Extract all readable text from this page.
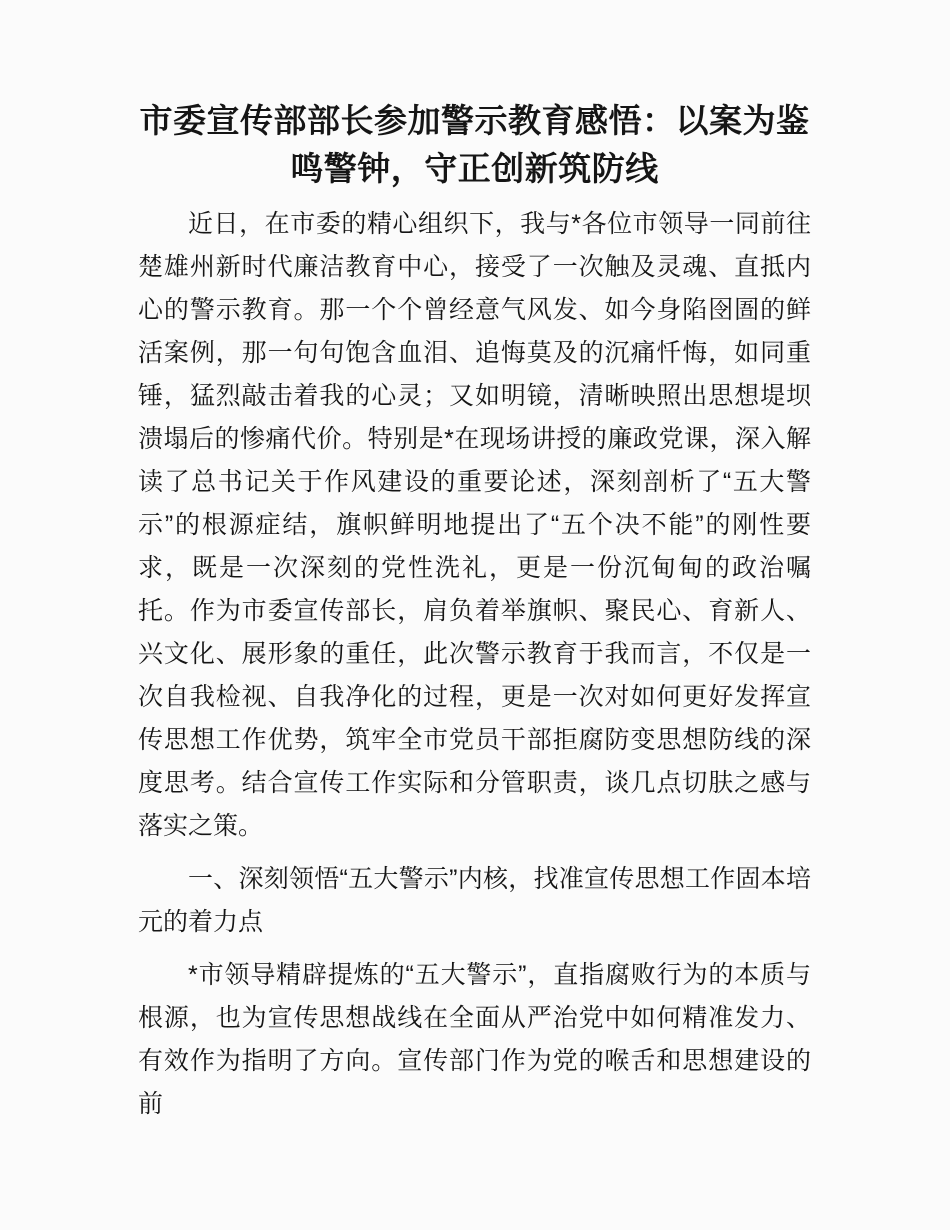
市委宣传部部长参加警示教育感悟：以案为鉴鸣警钟，守正创新筑防线

近日，在市委的精心组织下，我与*各位市领导一同前往楚雄州新时代廉洁教育中心，接受了一次触及灵魂、直抵内心的警示教育。那一个个曾经意气风发、如今身陷囹圄的鲜活案例，那一句句饱含血泪、追悔莫及的沉痛忏悔，如同重锤，猛烈敲击着我的心灵；又如明镜，清晰映照出思想堤坝溃塌后的惨痛代价。特别是*在现场讲授的廉政党课，深入解读了总书记关于作风建设的重要论述，深刻剖析了“五大警示”的根源症结，旗帜鲜明地提出了“五个决不能”的刚性要求，既是一次深刻的党性洗礼，更是一份沉甸甸的政治嘱托。作为市委宣传部长，肩负着举旗帜、聚民心、育新人、兴文化、展形象的重任，此次警示教育于我而言，不仅是一次自我检视、自我净化的过程，更是一次对如何更好发挥宣传思想工作优势，筑牢全市党员干部拒腐防变思想防线的深度思考。结合宣传工作实际和分管职责，谈几点切肤之感与落实之策。

一、深刻领悟“五大警示”内核，找准宣传思想工作固本培元的着力点

*市领导精辟提炼的“五大警示”，直指腐败行为的本质与根源，也为宣传思想战线在全面从严治党中如何精准发力、有效作为指明了方向。宣传部门作为党的喉舌和思想建设的前
